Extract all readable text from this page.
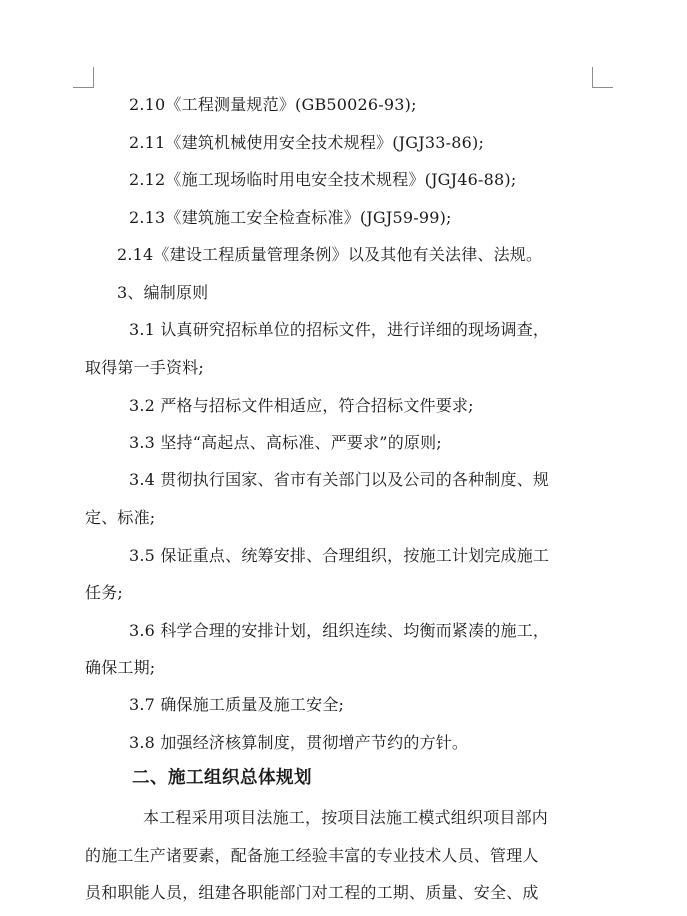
2.10《工程测量规范》(GB50026-93);
2.11《建筑机械使用安全技术规程》(JGJ33-86);
2.12《施工现场临时用电安全技术规程》(JGJ46-88);
2.13《建筑施工安全检查标准》(JGJ59-99);
2.14《建设工程质量管理条例》以及其他有关法律、法规。
3、编制原则
3.1 认真研究招标单位的招标文件，进行详细的现场调查，
取得第一手资料;
3.2 严格与招标文件相适应，符合招标文件要求;
3.3 坚持“高起点、高标准、严要求”的原则;
3.4 贯彻执行国家、省市有关部门以及公司的各种制度、规
定、标准;
3.5 保证重点、统筹安排、合理组织，按施工计划完成施工
任务;
3.6 科学合理的安排计划，组织连续、均衡而紧凑的施工，
确保工期;
3.7 确保施工质量及施工安全;
3.8 加强经济核算制度，贯彻增产节约的方针。
二、施工组织总体规划
本工程采用项目法施工，按项目法施工模式组织项目部内
的施工生产诸要素，配备施工经验丰富的专业技术人员、管理人
员和职能人员，组建各职能部门对工程的工期、质量、安全、成
